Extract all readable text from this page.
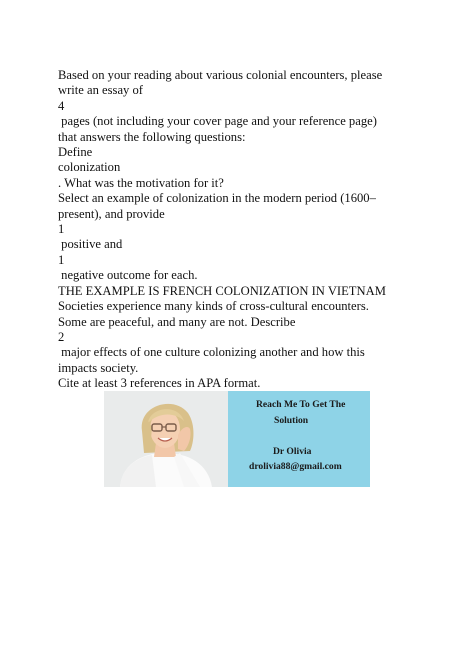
Based on your reading about various colonial encounters, please
write an essay of
4
pages (not including your cover page and your reference page)
that answers the following questions:
Define
colonization
. What was the motivation for it?
Select an example of colonization in the modern period (1600–
present), and provide
1
positive and
1
negative outcome for each.
THE EXAMPLE IS FRENCH COLONIZATION IN VIETNAM
Societies experience many kinds of cross-cultural encounters.
Some are peaceful, and many are not. Describe
2
major effects of one culture colonizing another and how this
impacts society.
Cite at least 3 references in APA format.
Reach Me To Get The
Solution
Dr Olivia
drolivia88@gmail.com
